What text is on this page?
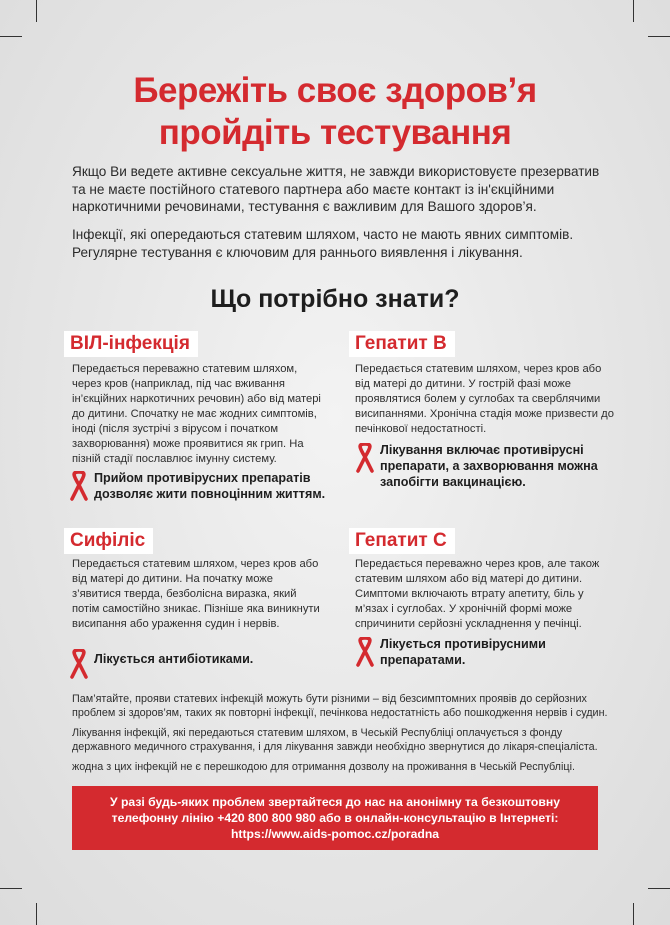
Бережіть своє здоров’я
пройдіть тестування
Якщо Ви ведете активне сексуальне життя, не завжди використовуєте презерватив та не маєте постійного статевого партнера або маєте контакт із ін'єкційними наркотичними речовинами, тестування є важливим для Вашого здоров’я.
Інфекції, які опередаються статевим шляхом, часто не мають явних симптомів. Регулярне тестування є ключовим для раннього виявлення і лікування.
Що потрібно знати?
ВІЛ-інфекція
Передається переважно статевим шляхом, через кров (наприклад, під час вживання ін’єкційних наркотичних речовин) або від матері до дитини. Спочатку не має жодних симптомів, іноді (після зустрічі з вірусом і початком захворювання) може проявитися як грип. На пізній стадії пославлює імунну систему.
Прийом противірусних препаратів дозволяє жити повноцінним життям.
Гепатит B
Передається статевим шляхом, через кров або від матері до дитини. У гострій фазі може проявлятися болем у суглобах та сверблячими висипаннями. Хронічна стадія може призвести до печінкової недостатності.
Лікування включає противірусні препарати, а захворювання можна запобігти вакцинацією.
Сифіліс
Передається статевим шляхом, через кров або від матері до дитини. На початку може з’явитися тверда, безболісна виразка, який потім самостійно зникає. Пізніше яка виникнути висипання або ураження судин і нервів.
Лікується антибіотиками.
Гепатит C
Передається переважно через кров, але також статевим шляхом або від матері до дитини. Симптоми включають втрату апетиту, біль у м’язах і суглобах. У хронічній формі може спричинити серйозні ускладнення у печінці.
Лікується противірусними препаратами.
Пам’ятайте, прояви статевих інфекцій можуть бути різними – від безсимптомних проявів до серйозних проблем зі здоров’ям, таких як повторні інфекції, печінкова недостатність або пошкодження нервів і судин.
Лікування інфекцій, які передаються статевим шляхом, в Чеській Республіці оплачується з фонду державного медичного страхування, і для лікування завжди необхідно звернутися до лікаря-спеціаліста.
жодна з цих інфекцій не є перешкодою для отримання дозволу на проживання в Чеській Республіці.
У разі будь-яких проблем звертайтеся до нас на анонімну та безкоштовну
телефонну лінію +420 800 800 980 або в онлайн-консультацію в Інтернеті:
https://www.aids-pomoc.cz/poradna
